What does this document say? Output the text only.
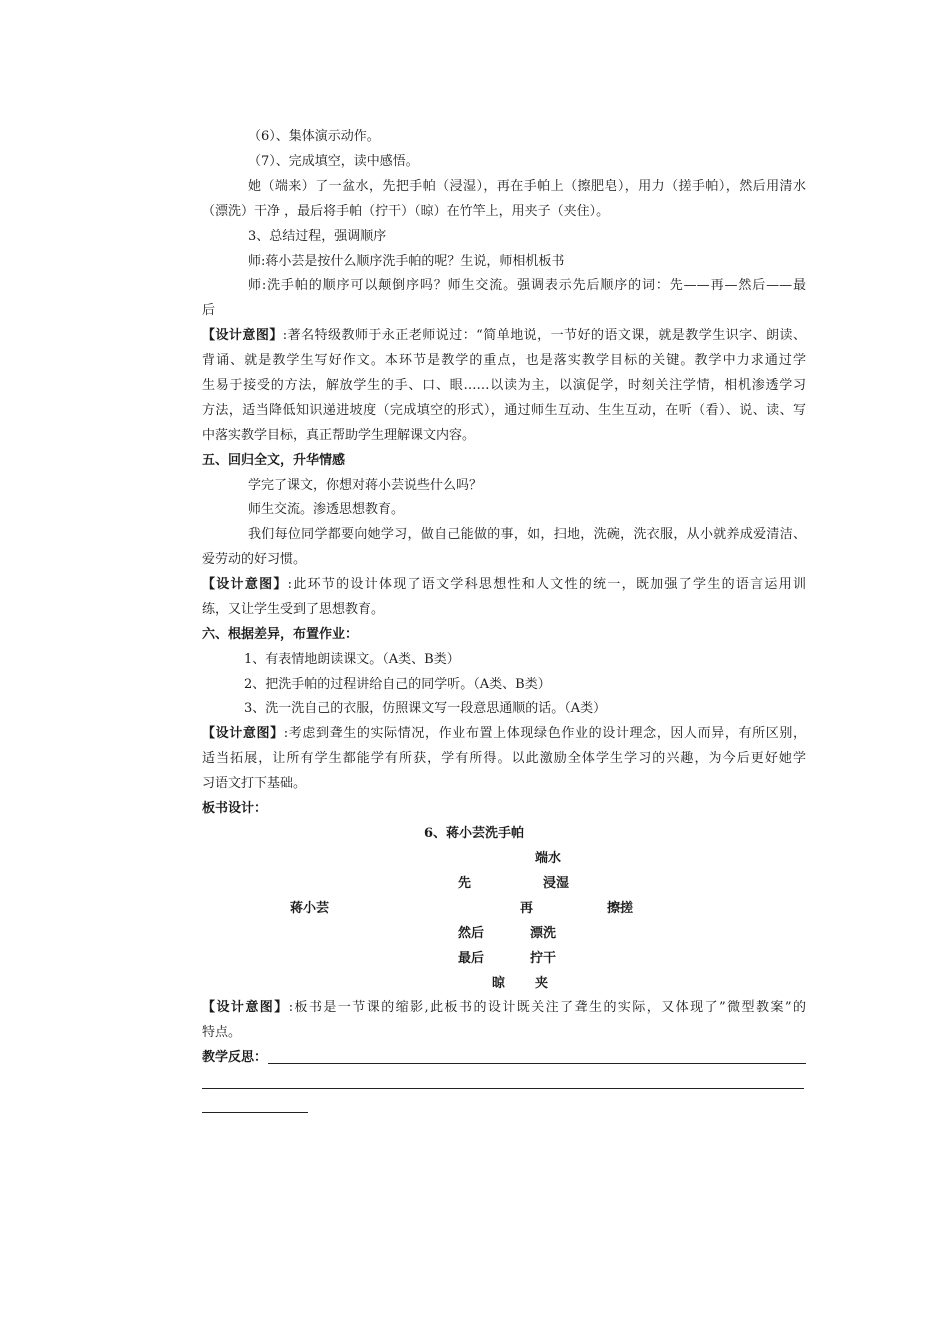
（6）、集体演示动作。
（7）、完成填空，读中感悟。
她（端来）了一盆水，先把手帕（浸湿），再在手帕上（擦肥皂），用力（搓手帕），然后用清水
（漂洗）干净 ，最后将手帕（拧干）（晾）在竹竿上，用夹子（夹住）。
3、总结过程，强调顺序
师:蒋小芸是按什么顺序洗手帕的呢？生说，师相机板书
师:洗手帕的顺序可以颠倒序吗？师生交流。强调表示先后顺序的词：先——再—然后——最
后
【设计意图】:著名特级教师于永正老师说过：“简单地说，一节好的语文课，就是教学生识字、朗读、
背诵、就是教学生写好作文。本环节是教学的重点，也是落实教学目标的关键。教学中力求通过学
生易于接受的方法，解放学生的手、口、眼……以读为主，以演促学，时刻关注学情，相机渗透学习
方法，适当降低知识递进坡度（完成填空的形式），通过师生互动、生生互动，在听（看）、说、读、写
中落实教学目标，真正帮助学生理解课文内容。
五、回归全文，升华情感
学完了课文，你想对蒋小芸说些什么吗？
师生交流。渗透思想教育。
我们每位同学都要向她学习，做自己能做的事，如，扫地，洗碗，洗衣服，从小就养成爱清洁、
爱劳动的好习惯。
【设计意图】:此环节的设计体现了语文学科思想性和人文性的统一，既加强了学生的语言运用训
练，又让学生受到了思想教育。
六、根据差异，布置作业：
1、有表情地朗读课文。（A类、B类）
2、把洗手帕的过程讲给自己的同学听。（A类、B类）
3、洗一洗自己的衣服，仿照课文写一段意思通顺的话。（A类）
【设计意图】:考虑到聋生的实际情况，作业布置上体现绿色作业的设计理念，因人而异，有所区别，
适当拓展，让所有学生都能学有所获，学有所得。以此激励全体学生学习的兴趣，为今后更好她学
习语文打下基础。
板书设计：
6、蒋小芸洗手帕
端水
先	浸湿
蒋小芸	再	擦搓
然后	漂洗
最后	拧干
晾 夹
【设计意图】:板书是一节课的缩影,此板书的设计既关注了聋生的实际，又体现了”微型教案”的
特点。
教学反思：
